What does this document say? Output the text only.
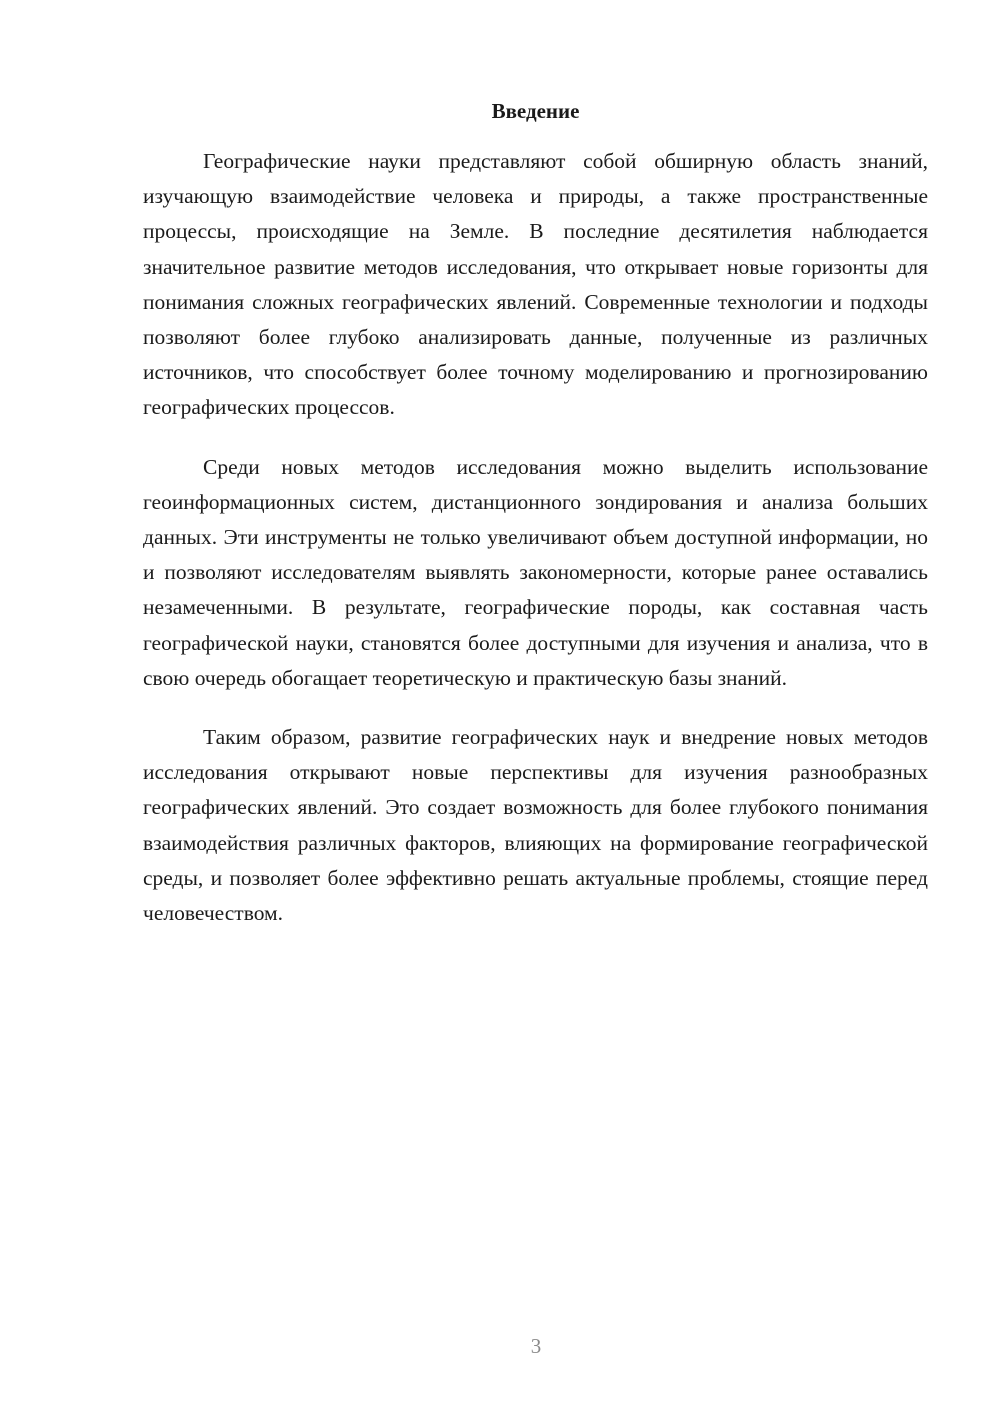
Введение

Географические науки представляют собой обширную область знаний, изучающую взаимодействие человека и природы, а также пространственные процессы, происходящие на Земле. В последние десятилетия наблюдается значительное развитие методов исследования, что открывает новые горизонты для понимания сложных географических явлений. Современные технологии и подходы позволяют более глубоко анализировать данные, полученные из различных источников, что способствует более точному моделированию и прогнозированию географических процессов.

Среди новых методов исследования можно выделить использование геоинформационных систем, дистанционного зондирования и анализа больших данных. Эти инструменты не только увеличивают объем доступной информации, но и позволяют исследователям выявлять закономерности, которые ранее оставались незамеченными. В результате, географические породы, как составная часть географической науки, становятся более доступными для изучения и анализа, что в свою очередь обогащает теоретическую и практическую базы знаний.

Таким образом, развитие географических наук и внедрение новых методов исследования открывают новые перспективы для изучения разнообразных географических явлений. Это создает возможность для более глубокого понимания взаимодействия различных факторов, влияющих на формирование географической среды, и позволяет более эффективно решать актуальные проблемы, стоящие перед человечеством.

3
